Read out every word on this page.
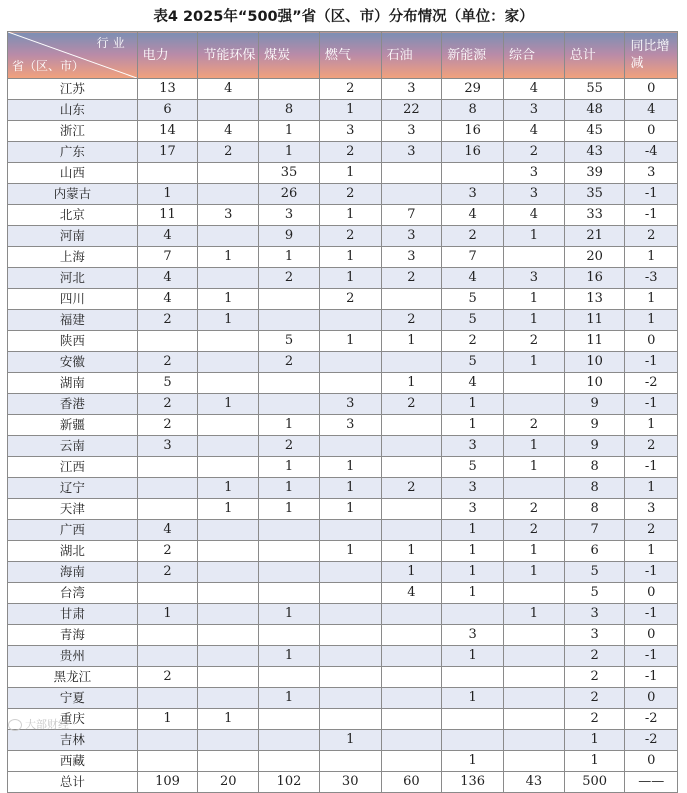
表4 2025年“500强”省（区、市）分布情况（单位：家）
行业
省（区、市）	电力	节能环保	煤炭	燃气	石油	新能源	综合	总计	同比增减
江苏	13	4		2	3	29	4	55	0
山东	6		8	1	22	8	3	48	4
浙江	14	4	1	3	3	16	4	45	0
广东	17	2	1	2	3	16	2	43	-4
山西			35	1			3	39	3
内蒙古	1		26	2		3	3	35	-1
北京	11	3	3	1	7	4	4	33	-1
河南	4		9	2	3	2	1	21	2
上海	7	1	1	1	3	7		20	1
河北	4		2	1	2	4	3	16	-3
四川	4	1		2		5	1	13	1
福建	2	1			2	5	1	11	1
陕西			5	1	1	2	2	11	0
安徽	2		2			5	1	10	-1
湖南	5				1	4		10	-2
香港	2	1		3	2	1		9	-1
新疆	2		1	3		1	2	9	1
云南	3		2			3	1	9	2
江西			1	1		5	1	8	-1
辽宁		1	1	1	2	3		8	1
天津		1	1	1		3	2	8	3
广西	4					1	2	7	2
湖北	2			1	1	1	1	6	1
海南	2				1	1	1	5	-1
台湾					4	1		5	0
甘肃	1		1				1	3	-1
青海						3		3	0
贵州			1			1		2	-1
黑龙江	2							2	-1
宁夏			1			1		2	0
重庆	1	1						2	-2
吉林				1				1	-2
西藏						1		1	0
总计	109	20	102	30	60	136	43	500	——
大部财经
